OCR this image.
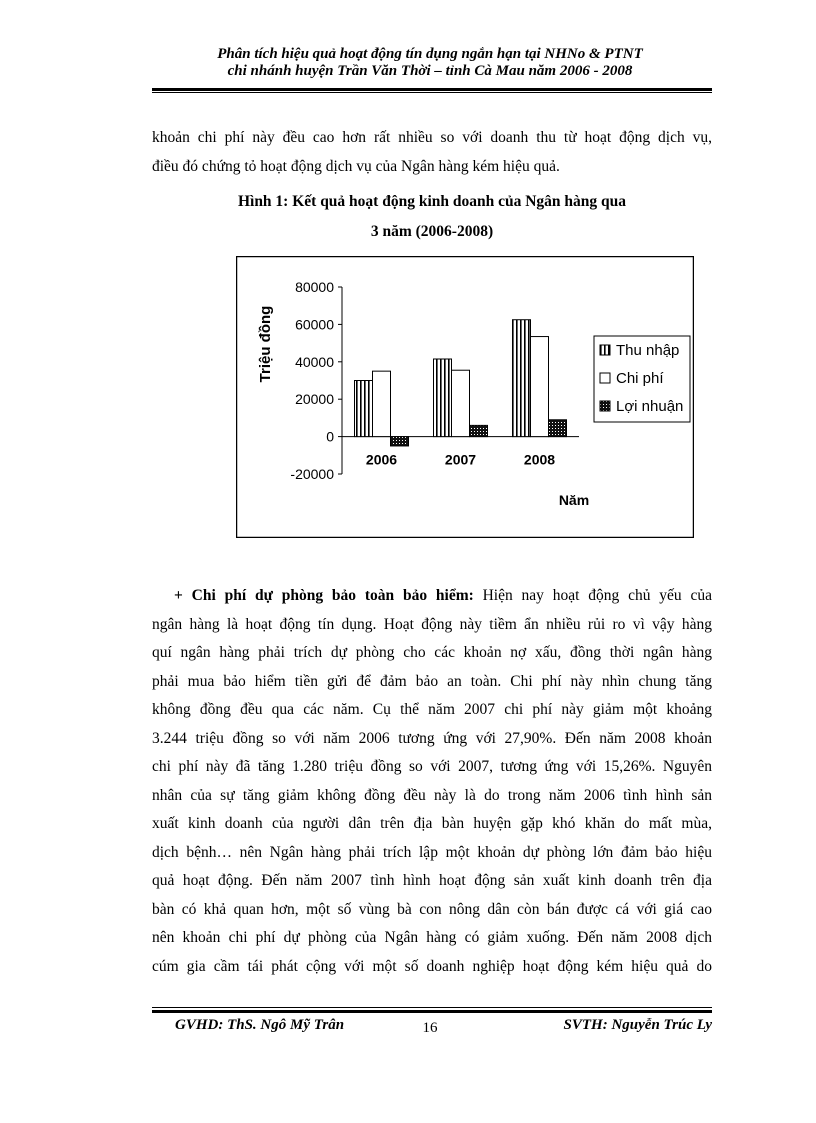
Phân tích hiệu quả hoạt động tín dụng ngắn hạn tại NHNo & PTNT
chi nhánh huyện Trần Văn Thời – tỉnh Cà Mau năm 2006 - 2008

khoản chi phí này đều cao hơn rất nhiều so với doanh thu từ hoạt động dịch vụ,

điều đó chứng tỏ hoạt động dịch vụ của Ngân hàng kém hiệu quả.

Hình 1: Kết quả hoạt động kinh doanh của Ngân hàng qua
3 năm (2006-2008)
80000
60000
40000
20000
0
-20000
2006	2007	2008
Triệu đồng
Năm
Thu nhập
Chi phí
Lợi nhuận

+ Chi phí dự phòng bảo toàn bảo hiểm: Hiện nay hoạt động chủ yếu của

ngân hàng là hoạt động tín dụng. Hoạt động này tiềm ẩn nhiều rủi ro vì vậy hàng

quí ngân hàng phải trích dự phòng cho các khoản nợ xấu, đồng thời ngân hàng

phải mua bảo hiểm tiền gửi để đảm bảo an toàn. Chi phí này nhìn chung tăng

không đồng đều qua các năm. Cụ thể năm 2007 chi phí này giảm một khoảng

3.244 triệu đồng so với năm 2006 tương ứng với 27,90%. Đến năm 2008 khoản

chi phí này đã tăng 1.280 triệu đồng so với 2007, tương ứng với 15,26%. Nguyên

nhân của sự tăng giảm không đồng đều này là do trong năm 2006 tình hình sản

xuất kinh doanh của người dân trên địa bàn huyện gặp khó khăn do mất mùa,

dịch bệnh… nên Ngân hàng phải trích lập một khoản dự phòng lớn đảm bảo hiệu

quả hoạt động. Đến năm 2007 tình hình hoạt động sản xuất kinh doanh trên địa

bàn có khả quan hơn, một số vùng bà con nông dân còn bán được cá với giá cao

nên khoản chi phí dự phòng của Ngân hàng có giảm xuống. Đến năm 2008 dịch

cúm gia cầm tái phát cộng với một số doanh nghiệp hoạt động kém hiệu quả do

GVHD: ThS. Ngô Mỹ Trân	16	SVTH: Nguyễn Trúc Ly
